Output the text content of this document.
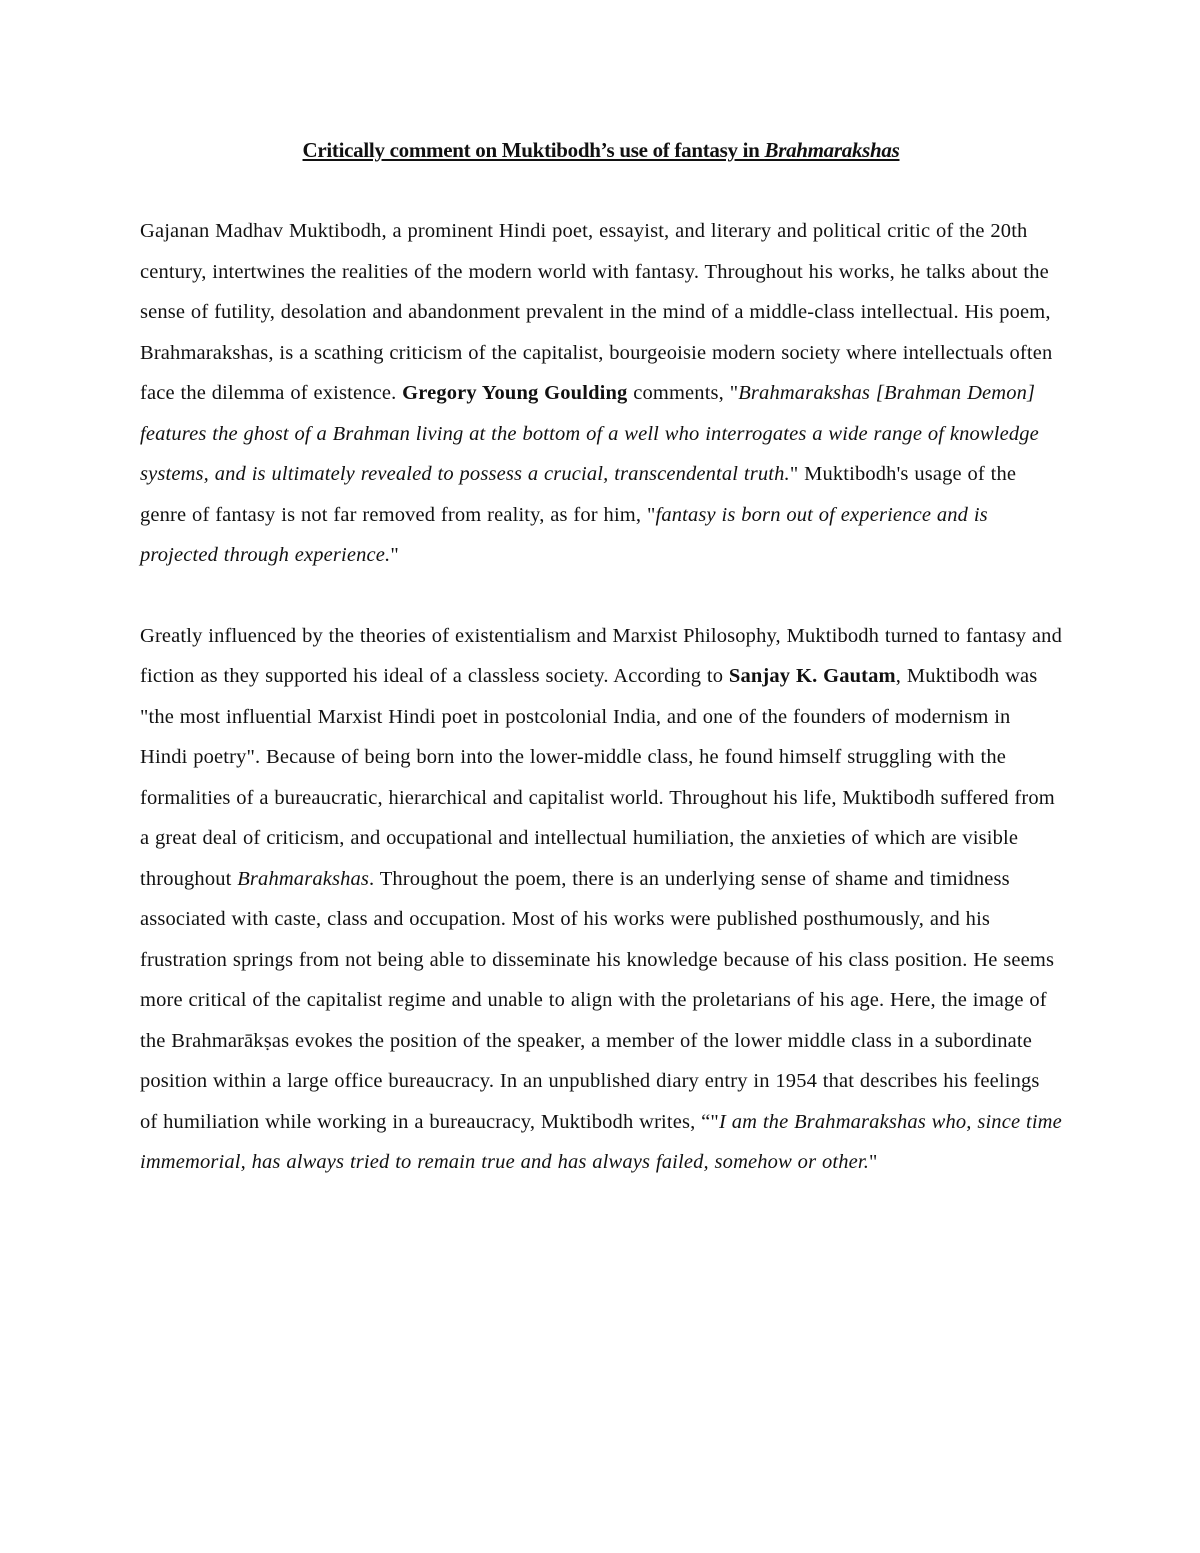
Critically comment on Muktibodh’s use of fantasy in Brahmarakshas
Gajanan Madhav Muktibodh, a prominent Hindi poet, essayist, and literary and political critic of the 20th century, intertwines the realities of the modern world with fantasy. Throughout his works, he talks about the sense of futility, desolation and abandonment prevalent in the mind of a middle-class intellectual. His poem, Brahmarakshas, is a scathing criticism of the capitalist, bourgeoisie modern society where intellectuals often face the dilemma of existence. Gregory Young Goulding comments, "Brahmarakshas [Brahman Demon] features the ghost of a Brahman living at the bottom of a well who interrogates a wide range of knowledge systems, and is ultimately revealed to possess a crucial, transcendental truth." Muktibodh's usage of the genre of fantasy is not far removed from reality, as for him, "fantasy is born out of experience and is projected through experience."
Greatly influenced by the theories of existentialism and Marxist Philosophy, Muktibodh turned to fantasy and fiction as they supported his ideal of a classless society. According to Sanjay K. Gautam, Muktibodh was "the most influential Marxist Hindi poet in postcolonial India, and one of the founders of modernism in Hindi poetry". Because of being born into the lower-middle class, he found himself struggling with the formalities of a bureaucratic, hierarchical and capitalist world. Throughout his life, Muktibodh suffered from a great deal of criticism, and occupational and intellectual humiliation, the anxieties of which are visible throughout Brahmarakshas. Throughout the poem, there is an underlying sense of shame and timidness associated with caste, class and occupation. Most of his works were published posthumously, and his frustration springs from not being able to disseminate his knowledge because of his class position. He seems more critical of the capitalist regime and unable to align with the proletarians of his age. Here, the image of the Brahmarākṣas evokes the position of the speaker, a member of the lower middle class in a subordinate position within a large office bureaucracy. In an unpublished diary entry in 1954 that describes his feelings of humiliation while working in a bureaucracy, Muktibodh writes, “"I am the Brahmarakshas who, since time immemorial, has always tried to remain true and has always failed, somehow or other."
